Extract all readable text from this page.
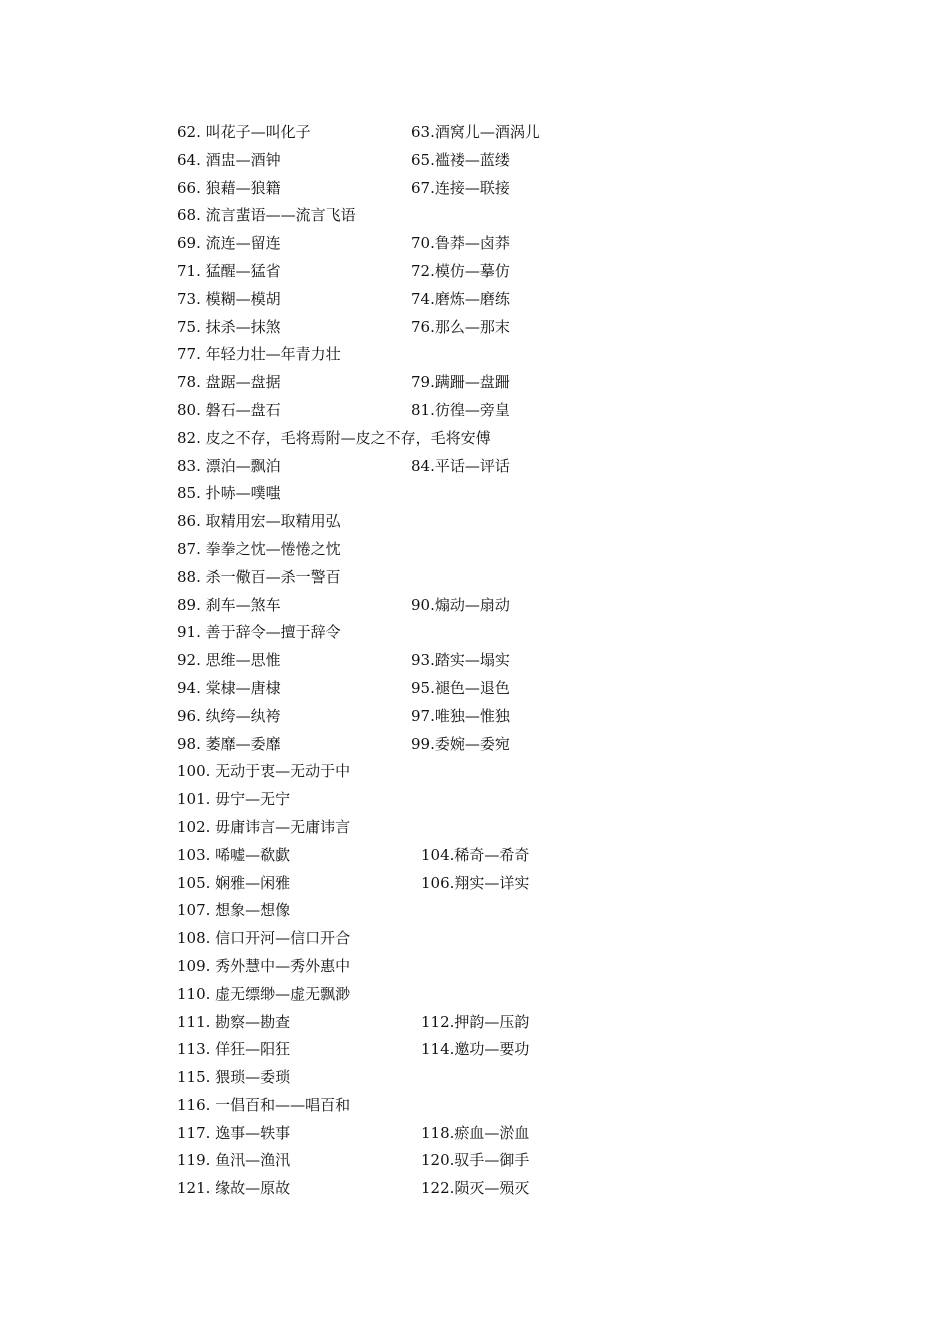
62. 叫花子—叫化子	63.酒窝儿—酒涡儿
64. 酒盅—酒钟	65.褴褛—蓝缕
66. 狼藉—狼籍	67.连接—联接
68. 流言蜚语——流言飞语
69. 流连—留连	70.鲁莽—卤莽
71. 猛醒—猛省	72.模仿—摹仿
73. 模糊—模胡	74.磨炼—磨练
75. 抹杀—抹煞	76.那么—那末
77. 年轻力壮—年青力壮
78. 盘踞—盘据	79.蹒跚—盘跚
80. 磐石—盘石	81.彷徨—旁皇
82. 皮之不存，毛将焉附—皮之不存，毛将安傅
83. 漂泊—飘泊	84.平话—评话
85. 扑哧—噗嗤
86. 取精用宏—取精用弘
87. 拳拳之忱—惓惓之忱
88. 杀一儆百—杀一警百
89. 刹车—煞车	90.煽动—扇动
91. 善于辞令—擅于辞令
92. 思维—思惟	93.踏实—塌实
94. 棠棣—唐棣	95.褪色—退色
96. 纨绔—纨袴	97.唯独—惟独
98. 萎靡—委靡	99.委婉—委宛
100. 无动于衷—无动于中
101. 毋宁—无宁
102. 毋庸讳言—无庸讳言
103. 唏嘘—欷歔	104.稀奇—希奇
105. 娴雅—闲雅	106.翔实—详实
107. 想象—想像
108. 信口开河—信口开合
109. 秀外慧中—秀外惠中
110. 虚无缥缈—虚无飘渺
111. 勘察—勘查	112.押韵—压韵
113. 佯狂—阳狂	114.邀功—要功
115. 猥琐—委琐
116. 一倡百和——唱百和
117. 逸事—轶事	118.瘀血—淤血
119. 鱼汛—渔汛	120.驭手—御手
121. 缘故—原故	122.陨灭—殒灭
